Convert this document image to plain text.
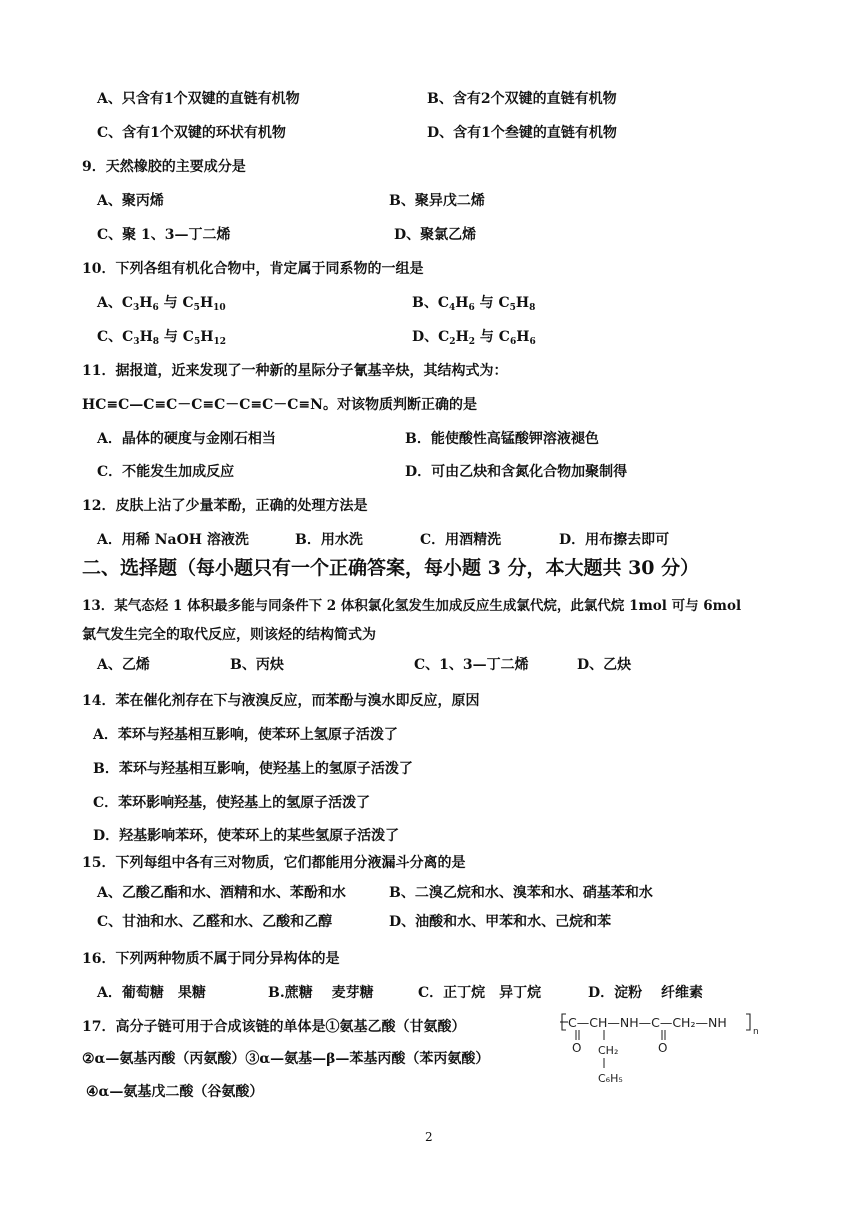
A、只含有1个双键的直链有机物	B、含有2个双键的直链有机物
C、含有1个双键的环状有机物	D、含有1个叁键的直链有机物
9．天然橡胶的主要成分是
A、聚丙烯	B、聚异戊二烯
C、聚 1、3—丁二烯	D、聚氯乙烯
10．下列各组有机化合物中，肯定属于同系物的一组是
A、$C_3H_6$ 与 $C_5H_{10}$	B、$C_4H_6$ 与 $C_5H_8$
C、$C_3H_8$ 与 $C_5H_{12}$	D、$C_2H_2$ 与 $C_6H_6$
11．据报道，近来发现了一种新的星际分子氰基辛炔，其结构式为：
HC≡C—C≡C－C≡C－C≡C－C≡N。对该物质判断正确的是
A．晶体的硬度与金刚石相当	B．能使酸性高锰酸钾溶液褪色
C．不能发生加成反应	D．可由乙炔和含氮化合物加聚制得
12．皮肤上沾了少量苯酚，正确的处理方法是
A．用稀 NaOH 溶液洗	B．用水洗	C．用酒精洗	D．用布擦去即可
二、选择题（每小题只有一个正确答案，每小题 3 分，本大题共 30 分）
13．某气态烃 1 体积最多能与同条件下 2 体积氯化氢发生加成反应生成氯代烷，此氯代烷 1mol 可与 6mol
氯气发生完全的取代反应，则该烃的结构简式为
A、乙烯	B、丙炔	C、1、3—丁二烯	D、乙炔
14．苯在催化剂存在下与液溴反应，而苯酚与溴水即反应，原因
A．苯环与羟基相互影响，使苯环上氢原子活泼了
B．苯环与羟基相互影响，使羟基上的氢原子活泼了
C．苯环影响羟基，使羟基上的氢原子活泼了
D．羟基影响苯环，使苯环上的某些氢原子活泼了
15．下列每组中各有三对物质，它们都能用分液漏斗分离的是
A、乙酸乙酯和水、酒精和水、苯酚和水	B、二溴乙烷和水、溴苯和水、硝基苯和水
C、甘油和水、乙醛和水、乙酸和乙醇	D、油酸和水、甲苯和水、己烷和苯
16．下列两种物质不属于同分异构体的是
A．葡萄糖　果糖	B.蔗糖　 麦芽糖	C．正丁烷　异丁烷	D．淀粉　 纤维素
17．高分子链可用于合成该链的单体是①氨基乙酸（甘氨酸）
②α—氨基丙酸（丙氨酸）③α—氨基—β—苯基丙酸（苯丙氨酸）
④α—氨基戊二酸（谷氨酸）
C—CH—NH—C—CH₂—NH
n
O	O
CH₂
C₆H₅
2
